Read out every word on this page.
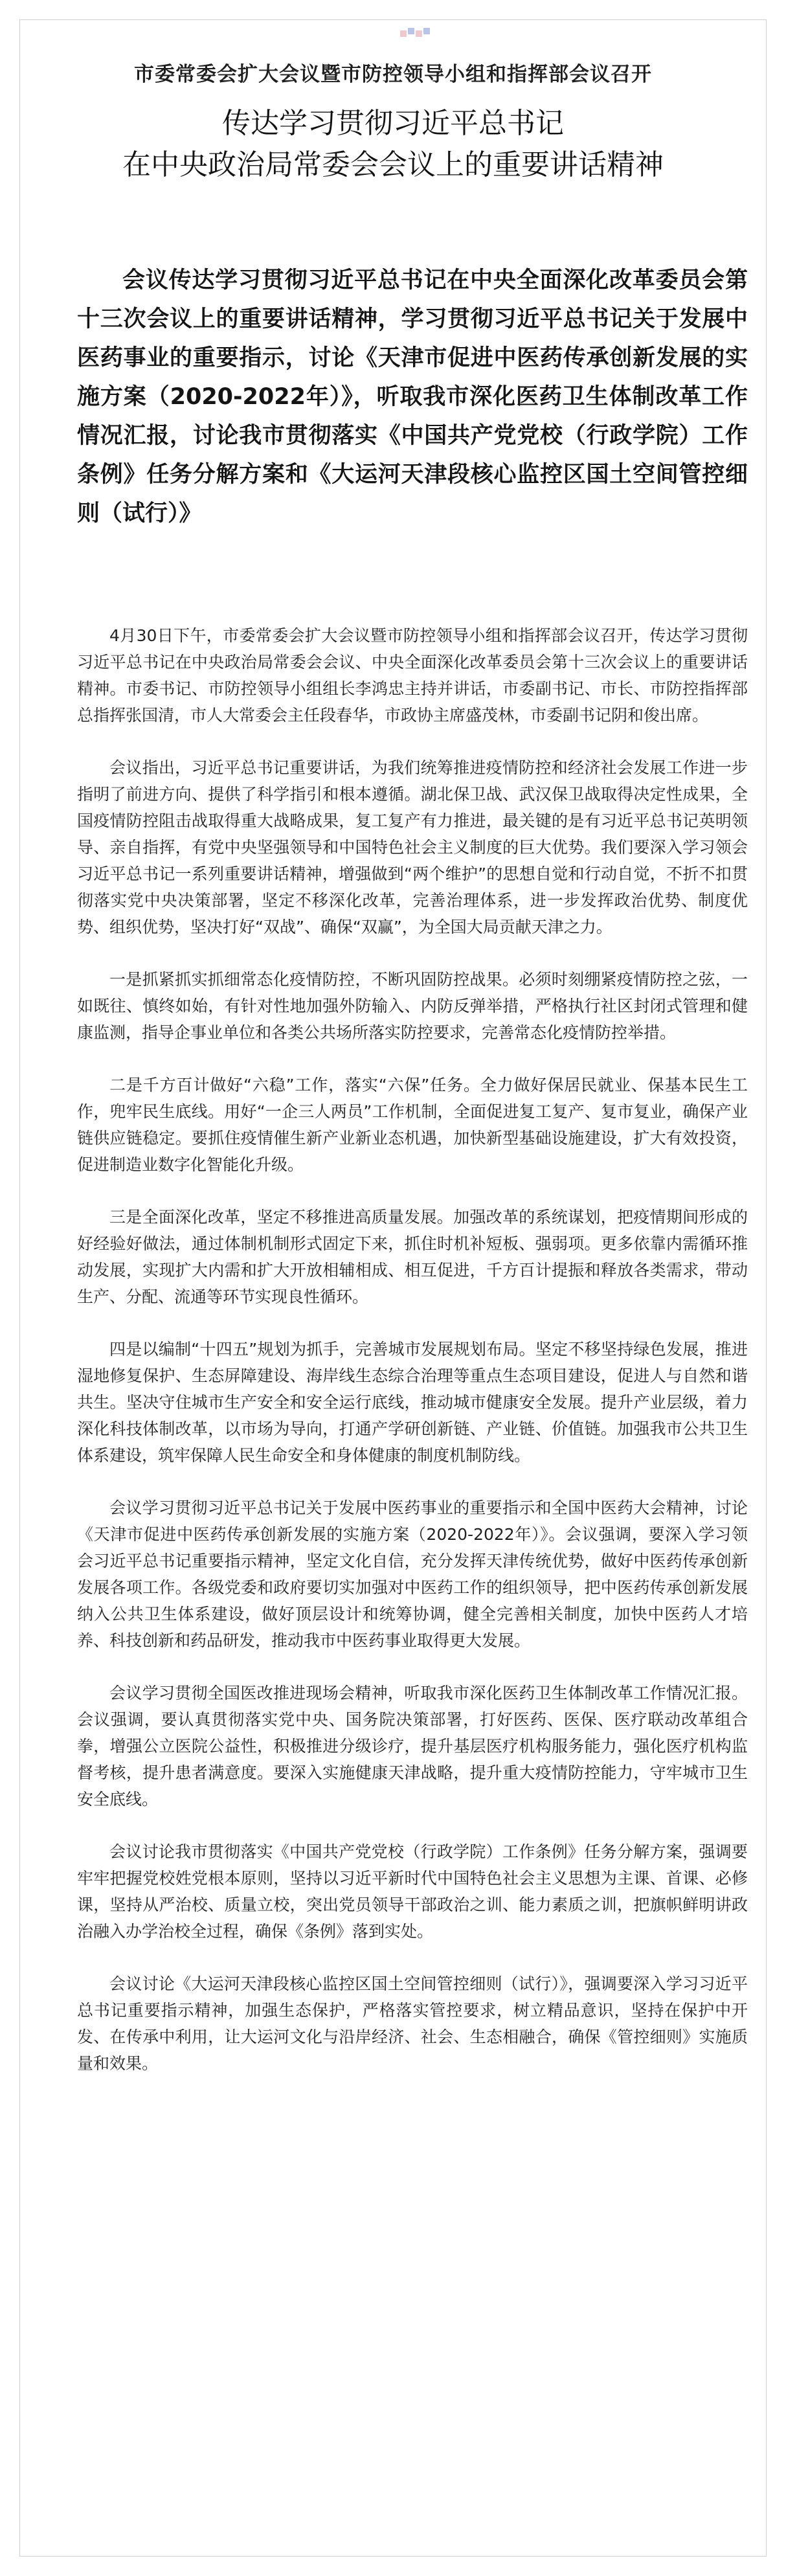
市委常委会扩大会议暨市防控领导小组和指挥部会议召开
传达学习贯彻习近平总书记
在中央政治局常委会会议上的重要讲话精神
会议传达学习贯彻习近平总书记在中央全面深化改革委员会第十三次会议上的重要讲话精神，学习贯彻习近平总书记关于发展中医药事业的重要指示，讨论《天津市促进中医药传承创新发展的实施方案（2020-2022年）》，听取我市深化医药卫生体制改革工作情况汇报，讨论我市贯彻落实《中国共产党党校（行政学院）工作条例》任务分解方案和《大运河天津段核心监控区国土空间管控细则（试行）》

4月30日下午，市委常委会扩大会议暨市防控领导小组和指挥部会议召开，传达学习贯彻习近平总书记在中央政治局常委会会议、中央全面深化改革委员会第十三次会议上的重要讲话精神。市委书记、市防控领导小组组长李鸿忠主持并讲话，市委副书记、市长、市防控指挥部总指挥张国清，市人大常委会主任段春华，市政协主席盛茂林，市委副书记阴和俊出席。

会议指出，习近平总书记重要讲话，为我们统筹推进疫情防控和经济社会发展工作进一步指明了前进方向、提供了科学指引和根本遵循。湖北保卫战、武汉保卫战取得决定性成果，全国疫情防控阻击战取得重大战略成果，复工复产有力推进，最关键的是有习近平总书记英明领导、亲自指挥，有党中央坚强领导和中国特色社会主义制度的巨大优势。我们要深入学习领会习近平总书记一系列重要讲话精神，增强做到“两个维护”的思想自觉和行动自觉，不折不扣贯彻落实党中央决策部署，坚定不移深化改革，完善治理体系，进一步发挥政治优势、制度优势、组织优势，坚决打好“双战”、确保“双赢”，为全国大局贡献天津之力。

一是抓紧抓实抓细常态化疫情防控，不断巩固防控战果。必须时刻绷紧疫情防控之弦，一如既往、慎终如始，有针对性地加强外防输入、内防反弹举措，严格执行社区封闭式管理和健康监测，指导企事业单位和各类公共场所落实防控要求，完善常态化疫情防控举措。

二是千方百计做好“六稳”工作，落实“六保”任务。全力做好保居民就业、保基本民生工作，兜牢民生底线。用好“一企三人两员”工作机制，全面促进复工复产、复市复业，确保产业链供应链稳定。要抓住疫情催生新产业新业态机遇，加快新型基础设施建设，扩大有效投资，促进制造业数字化智能化升级。

三是全面深化改革，坚定不移推进高质量发展。加强改革的系统谋划，把疫情期间形成的好经验好做法，通过体制机制形式固定下来，抓住时机补短板、强弱项。更多依靠内需循环推动发展，实现扩大内需和扩大开放相辅相成、相互促进，千方百计提振和释放各类需求，带动生产、分配、流通等环节实现良性循环。

四是以编制“十四五”规划为抓手，完善城市发展规划布局。坚定不移坚持绿色发展，推进湿地修复保护、生态屏障建设、海岸线生态综合治理等重点生态项目建设，促进人与自然和谐共生。坚决守住城市生产安全和安全运行底线，推动城市健康安全发展。提升产业层级，着力深化科技体制改革，以市场为导向，打通产学研创新链、产业链、价值链。加强我市公共卫生体系建设，筑牢保障人民生命安全和身体健康的制度机制防线。

会议学习贯彻习近平总书记关于发展中医药事业的重要指示和全国中医药大会精神，讨论《天津市促进中医药传承创新发展的实施方案（2020-2022年）》。会议强调，要深入学习领会习近平总书记重要指示精神，坚定文化自信，充分发挥天津传统优势，做好中医药传承创新发展各项工作。各级党委和政府要切实加强对中医药工作的组织领导，把中医药传承创新发展纳入公共卫生体系建设，做好顶层设计和统筹协调，健全完善相关制度，加快中医药人才培养、科技创新和药品研发，推动我市中医药事业取得更大发展。

会议学习贯彻全国医改推进现场会精神，听取我市深化医药卫生体制改革工作情况汇报。会议强调，要认真贯彻落实党中央、国务院决策部署，打好医药、医保、医疗联动改革组合拳，增强公立医院公益性，积极推进分级诊疗，提升基层医疗机构服务能力，强化医疗机构监督考核，提升患者满意度。要深入实施健康天津战略，提升重大疫情防控能力，守牢城市卫生安全底线。

会议讨论我市贯彻落实《中国共产党党校（行政学院）工作条例》任务分解方案，强调要牢牢把握党校姓党根本原则，坚持以习近平新时代中国特色社会主义思想为主课、首课、必修课，坚持从严治校、质量立校，突出党员领导干部政治之训、能力素质之训，把旗帜鲜明讲政治融入办学治校全过程，确保《条例》落到实处。

会议讨论《大运河天津段核心监控区国土空间管控细则（试行）》，强调要深入学习习近平总书记重要指示精神，加强生态保护，严格落实管控要求，树立精品意识，坚持在保护中开发、在传承中利用，让大运河文化与沿岸经济、社会、生态相融合，确保《管控细则》实施质量和效果。
